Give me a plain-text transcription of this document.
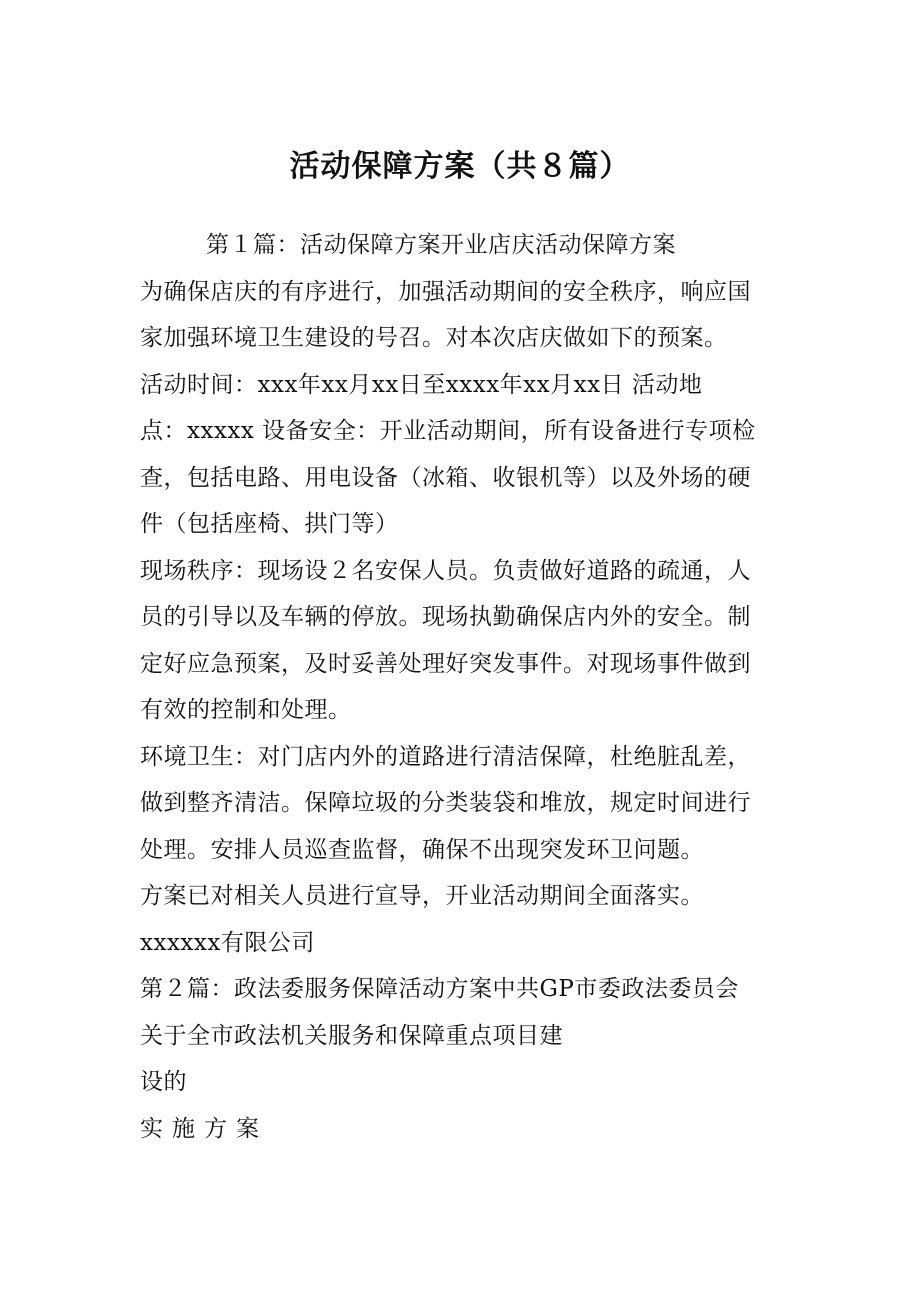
活动保障方案（共８篇）
第１篇：活动保障方案开业店庆活动保障方案
为确保店庆的有序进行，加强活动期间的安全秩序，响应国
家加强环境卫生建设的号召。对本次店庆做如下的预案。
活动时间：xxx年xx月xx日至xxxx年xx月xx日 活动地
点：xxxxx 设备安全：开业活动期间，所有设备进行专项检
查，包括电路、用电设备（冰箱、收银机等）以及外场的硬
件（包括座椅、拱门等）
现场秩序：现场设２名安保人员。负责做好道路的疏通，人
员的引导以及车辆的停放。现场执勤确保店内外的安全。制
定好应急预案，及时妥善处理好突发事件。对现场事件做到
有效的控制和处理。
环境卫生：对门店内外的道路进行清洁保障，杜绝脏乱差，
做到整齐清洁。保障垃圾的分类装袋和堆放，规定时间进行
处理。安排人员巡查监督，确保不出现突发环卫问题。
方案已对相关人员进行宣导，开业活动期间全面落实。
xxxxxx有限公司
第２篇：政法委服务保障活动方案中共GP市委政法委员会
关于全市政法机关服务和保障重点项目建
设的
实施方案
